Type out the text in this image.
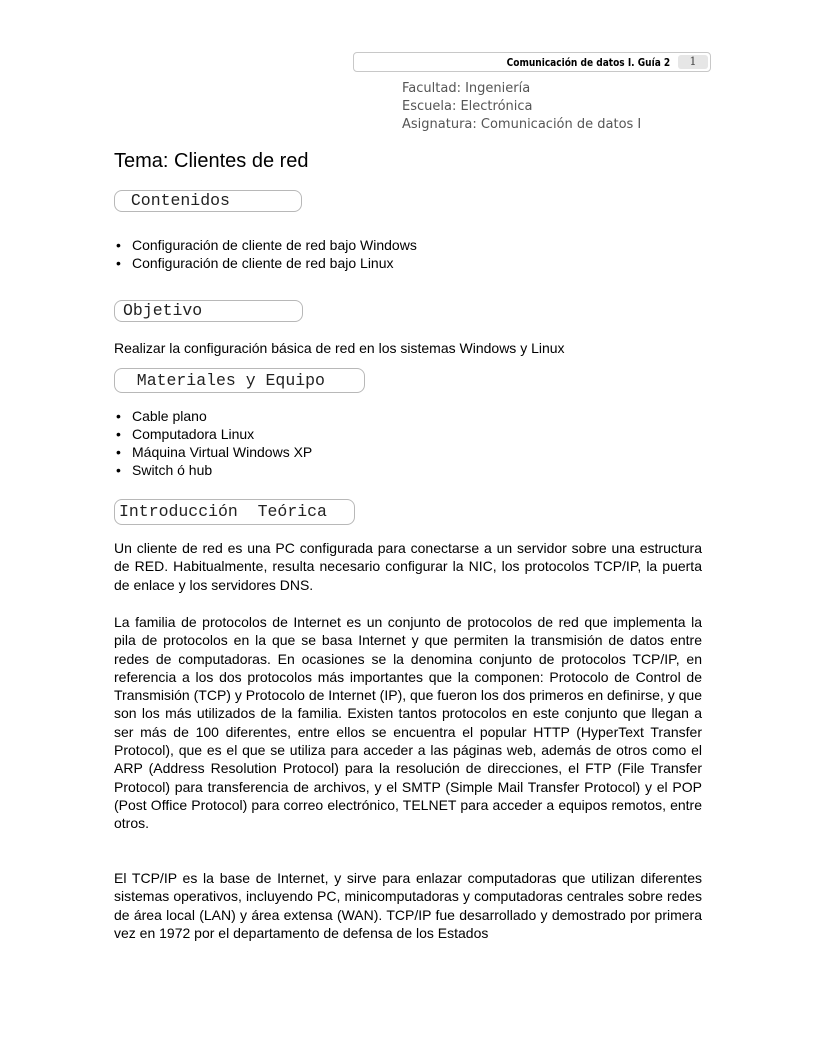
Comunicación de datos I. Guía 2	1
Facultad: Ingeniería
Escuela: Electrónica
Asignatura: Comunicación de datos I
Tema: Clientes de red
Contenidos
• Configuración de cliente de red bajo Windows
• Configuración de cliente de red bajo Linux
Objetivo

Realizar la configuración básica de red en los sistemas Windows y Linux

Materiales y Equipo
• Cable plano
• Computadora Linux
• Máquina Virtual Windows XP
• Switch ó hub
Introducción  Teórica

Un cliente de red es una PC configurada para conectarse a un servidor sobre una estructura de RED. Habitualmente, resulta necesario configurar la NIC, los protocolos TCP/IP, la puerta de enlace y los servidores DNS.

La familia de protocolos de Internet es un conjunto de protocolos de red que implementa la pila de protocolos en la que se basa Internet y que permiten la transmisión de datos entre redes de computadoras. En ocasiones se la denomina conjunto de protocolos TCP/IP, en referencia a los dos protocolos más importantes que la componen: Protocolo de Control de Transmisión (TCP) y Protocolo de Internet (IP), que fueron los dos primeros en definirse, y que son los más utilizados de la familia. Existen tantos protocolos en este conjunto que llegan a ser más de 100 diferentes, entre ellos se encuentra el popular HTTP (HyperText Transfer Protocol), que es el que se utiliza para acceder a las páginas web, además de otros como el ARP (Address Resolution Protocol) para la resolución de direcciones, el FTP (File Transfer Protocol) para transferencia de archivos, y el SMTP (Simple Mail Transfer Protocol) y el POP (Post Office Protocol) para correo electrónico, TELNET para acceder a equipos remotos, entre otros.

El TCP/IP es la base de Internet, y sirve para enlazar computadoras que utilizan diferentes sistemas operativos, incluyendo PC, minicomputadoras y computadoras centrales sobre redes de área local (LAN) y área extensa (WAN). TCP/IP fue desarrollado y demostrado por primera vez en 1972 por el departamento de defensa de los Estados
